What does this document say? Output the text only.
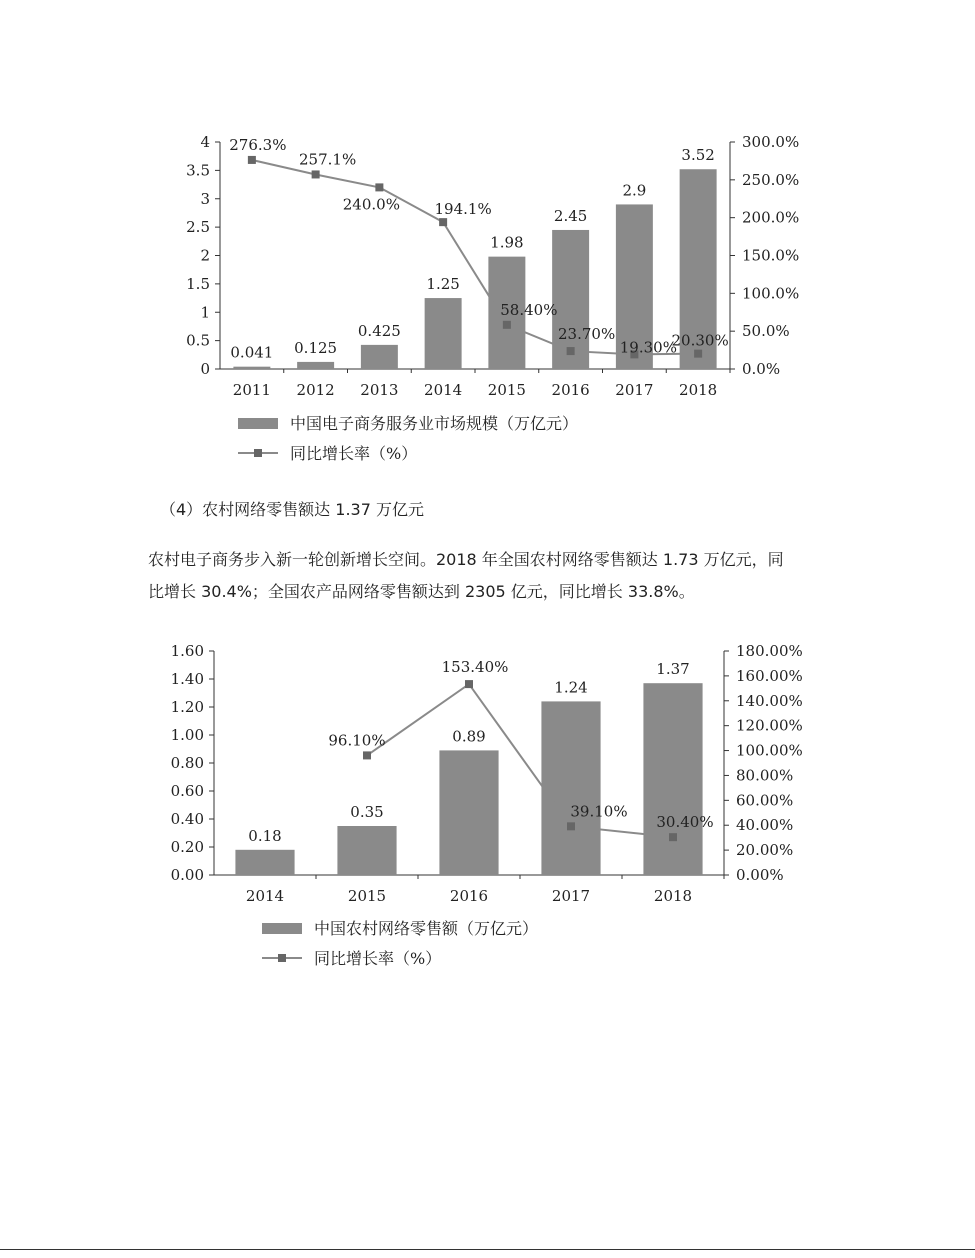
0
0.5
1
1.5
2
2.5
3
3.5
4
0.0%
50.0%
100.0%
150.0%
200.0%
250.0%
300.0%
0.041
2011
0.125
2012
0.425
2013
1.25
2014
1.98
2015
2.45
2016
2.9
2017
3.52
2018
276.3%
257.1%
240.0% 194.1%
58.40%
23.70%
19.30%
20.30%
中国电子商务服务业市场规模（万亿元）
同比增长率（%）
（4）农村网络零售额达 1.37 万亿元
农村电子商务步入新一轮创新增长空间。2018 年全国农村网络零售额达 1.73 万亿元，同
比增长 30.4%；全国农产品网络零售额达到 2305 亿元，同比增长 33.8%。
0.00
0.20
0.40
0.60
0.80
1.00
1.20
1.40
1.60
0.00%
20.00%
40.00%
60.00%
80.00%
100.00%
120.00%
140.00%
160.00%
180.00%
0.18
2014
0.35
2015
0.89
2016
1.24
2017
1.37
2018
96.10%
153.40%
39.10%
30.40%
中国农村网络零售额（万亿元）
同比增长率（%）
